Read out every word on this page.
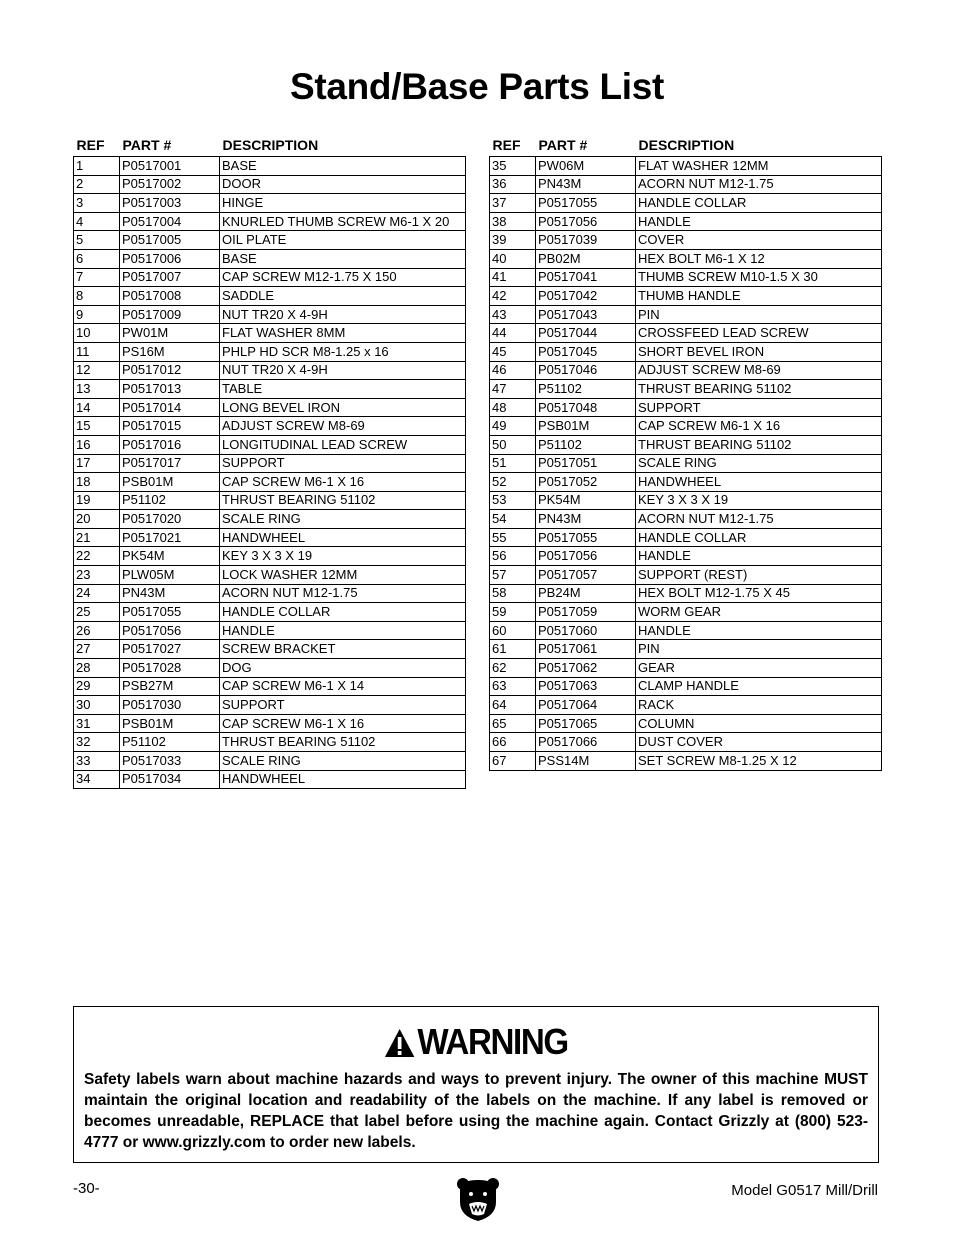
Stand/Base Parts List
REF	PART #	DESCRIPTION
1	P0517001	BASE
2	P0517002	DOOR
3	P0517003	HINGE
4	P0517004	KNURLED THUMB SCREW M6-1 X 20
5	P0517005	OIL PLATE
6	P0517006	BASE
7	P0517007	CAP SCREW M12-1.75 X 150
8	P0517008	SADDLE
9	P0517009	NUT TR20 X 4-9H
10	PW01M	FLAT WASHER 8MM
11	PS16M	PHLP HD SCR M8-1.25 x 16
12	P0517012	NUT TR20 X 4-9H
13	P0517013	TABLE
14	P0517014	LONG BEVEL IRON
15	P0517015	ADJUST SCREW M8-69
16	P0517016	LONGITUDINAL LEAD SCREW
17	P0517017	SUPPORT
18	PSB01M	CAP SCREW M6-1 X 16
19	P51102	THRUST BEARING 51102
20	P0517020	SCALE RING
21	P0517021	HANDWHEEL
22	PK54M	KEY 3 X 3 X 19
23	PLW05M	LOCK WASHER 12MM
24	PN43M	ACORN NUT M12-1.75
25	P0517055	HANDLE COLLAR
26	P0517056	HANDLE
27	P0517027	SCREW BRACKET
28	P0517028	DOG
29	PSB27M	CAP SCREW M6-1 X 14
30	P0517030	SUPPORT
31	PSB01M	CAP SCREW M6-1 X 16
32	P51102	THRUST BEARING 51102
33	P0517033	SCALE RING
34	P0517034	HANDWHEEL
REF	PART #	DESCRIPTION
35	PW06M	FLAT WASHER 12MM
36	PN43M	ACORN NUT M12-1.75
37	P0517055	HANDLE COLLAR
38	P0517056	HANDLE
39	P0517039	COVER
40	PB02M	HEX BOLT M6-1 X 12
41	P0517041	THUMB SCREW M10-1.5 X 30
42	P0517042	THUMB HANDLE
43	P0517043	PIN
44	P0517044	CROSSFEED LEAD SCREW
45	P0517045	SHORT BEVEL IRON
46	P0517046	ADJUST SCREW M8-69
47	P51102	THRUST BEARING 51102
48	P0517048	SUPPORT
49	PSB01M	CAP SCREW M6-1 X 16
50	P51102	THRUST BEARING 51102
51	P0517051	SCALE RING
52	P0517052	HANDWHEEL
53	PK54M	KEY 3 X 3 X 19
54	PN43M	ACORN NUT M12-1.75
55	P0517055	HANDLE COLLAR
56	P0517056	HANDLE
57	P0517057	SUPPORT (REST)
58	PB24M	HEX BOLT M12-1.75 X 45
59	P0517059	WORM GEAR
60	P0517060	HANDLE
61	P0517061	PIN
62	P0517062	GEAR
63	P0517063	CLAMP HANDLE
64	P0517064	RACK
65	P0517065	COLUMN
66	P0517066	DUST COVER
67	PSS14M	SET SCREW M8-1.25 X 12
WARNING
Safety labels warn about machine hazards and ways to prevent injury. The owner of this machine MUST maintain the original location and readability of the labels on the machine. If any label is removed or becomes unreadable, REPLACE that label before using the machine again. Contact Grizzly at (800) 523-4777 or www.grizzly.com to order new labels.
-30-	Model G0517 Mill/Drill
